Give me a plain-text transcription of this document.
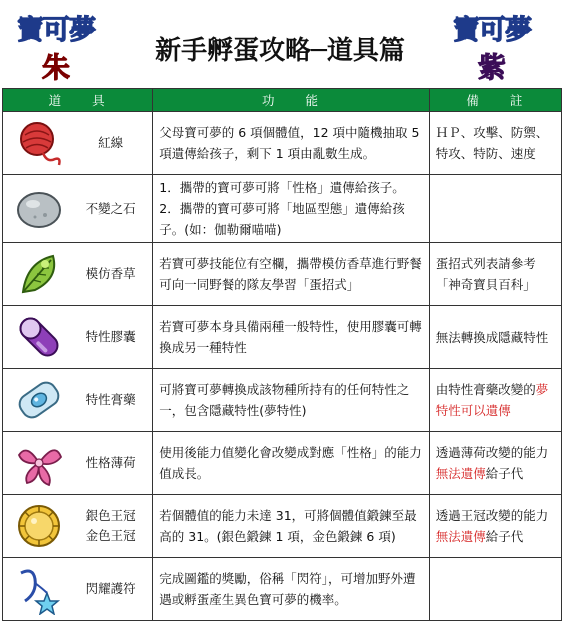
寶可夢
朱	新手孵蛋攻略─道具篇
寶可夢
紫
道　　具	功　　能	備　　註

紅線	父母寶可夢的 6 項個體值，12 項中隨機抽取 5 項遺傳給孩子，剩下 1 項由亂數生成。	ＨＰ、攻擊、防禦、特攻、特防、速度

不變之石	1．攜帶的寶可夢可將「性格」遺傳給孩子。
2．攜帶的寶可夢可將「地區型態」遺傳給孩子。(如：伽勒爾喵喵)	

模仿香草	若寶可夢技能位有空欄，攜帶模仿香草進行野餐可向一同野餐的隊友學習「蛋招式」	蛋招式列表請參考「神奇寶貝百科」

特性膠囊	若寶可夢本身具備兩種一般特性，使用膠囊可轉換成另一種特性	無法轉換成隱藏特性

特性膏藥	可將寶可夢轉換成該物種所持有的任何特性之一，包含隱藏特性(夢特性)	由特性膏藥改變的夢特性可以遺傳

性格薄荷	使用後能力值變化會改變成對應「性格」的能力值成長。	透過薄荷改變的能力無法遺傳給子代

銀色王冠
金色王冠	若個體值的能力未達 31，可將個體值鍛鍊至最高的 31。(銀色鍛鍊 1 項，金色鍛鍊 6 項)	透過王冠改變的能力無法遺傳給子代

閃耀護符	完成圖鑑的獎勵，俗稱「閃符」，可增加野外遭遇或孵蛋產生異色寶可夢的機率。	
